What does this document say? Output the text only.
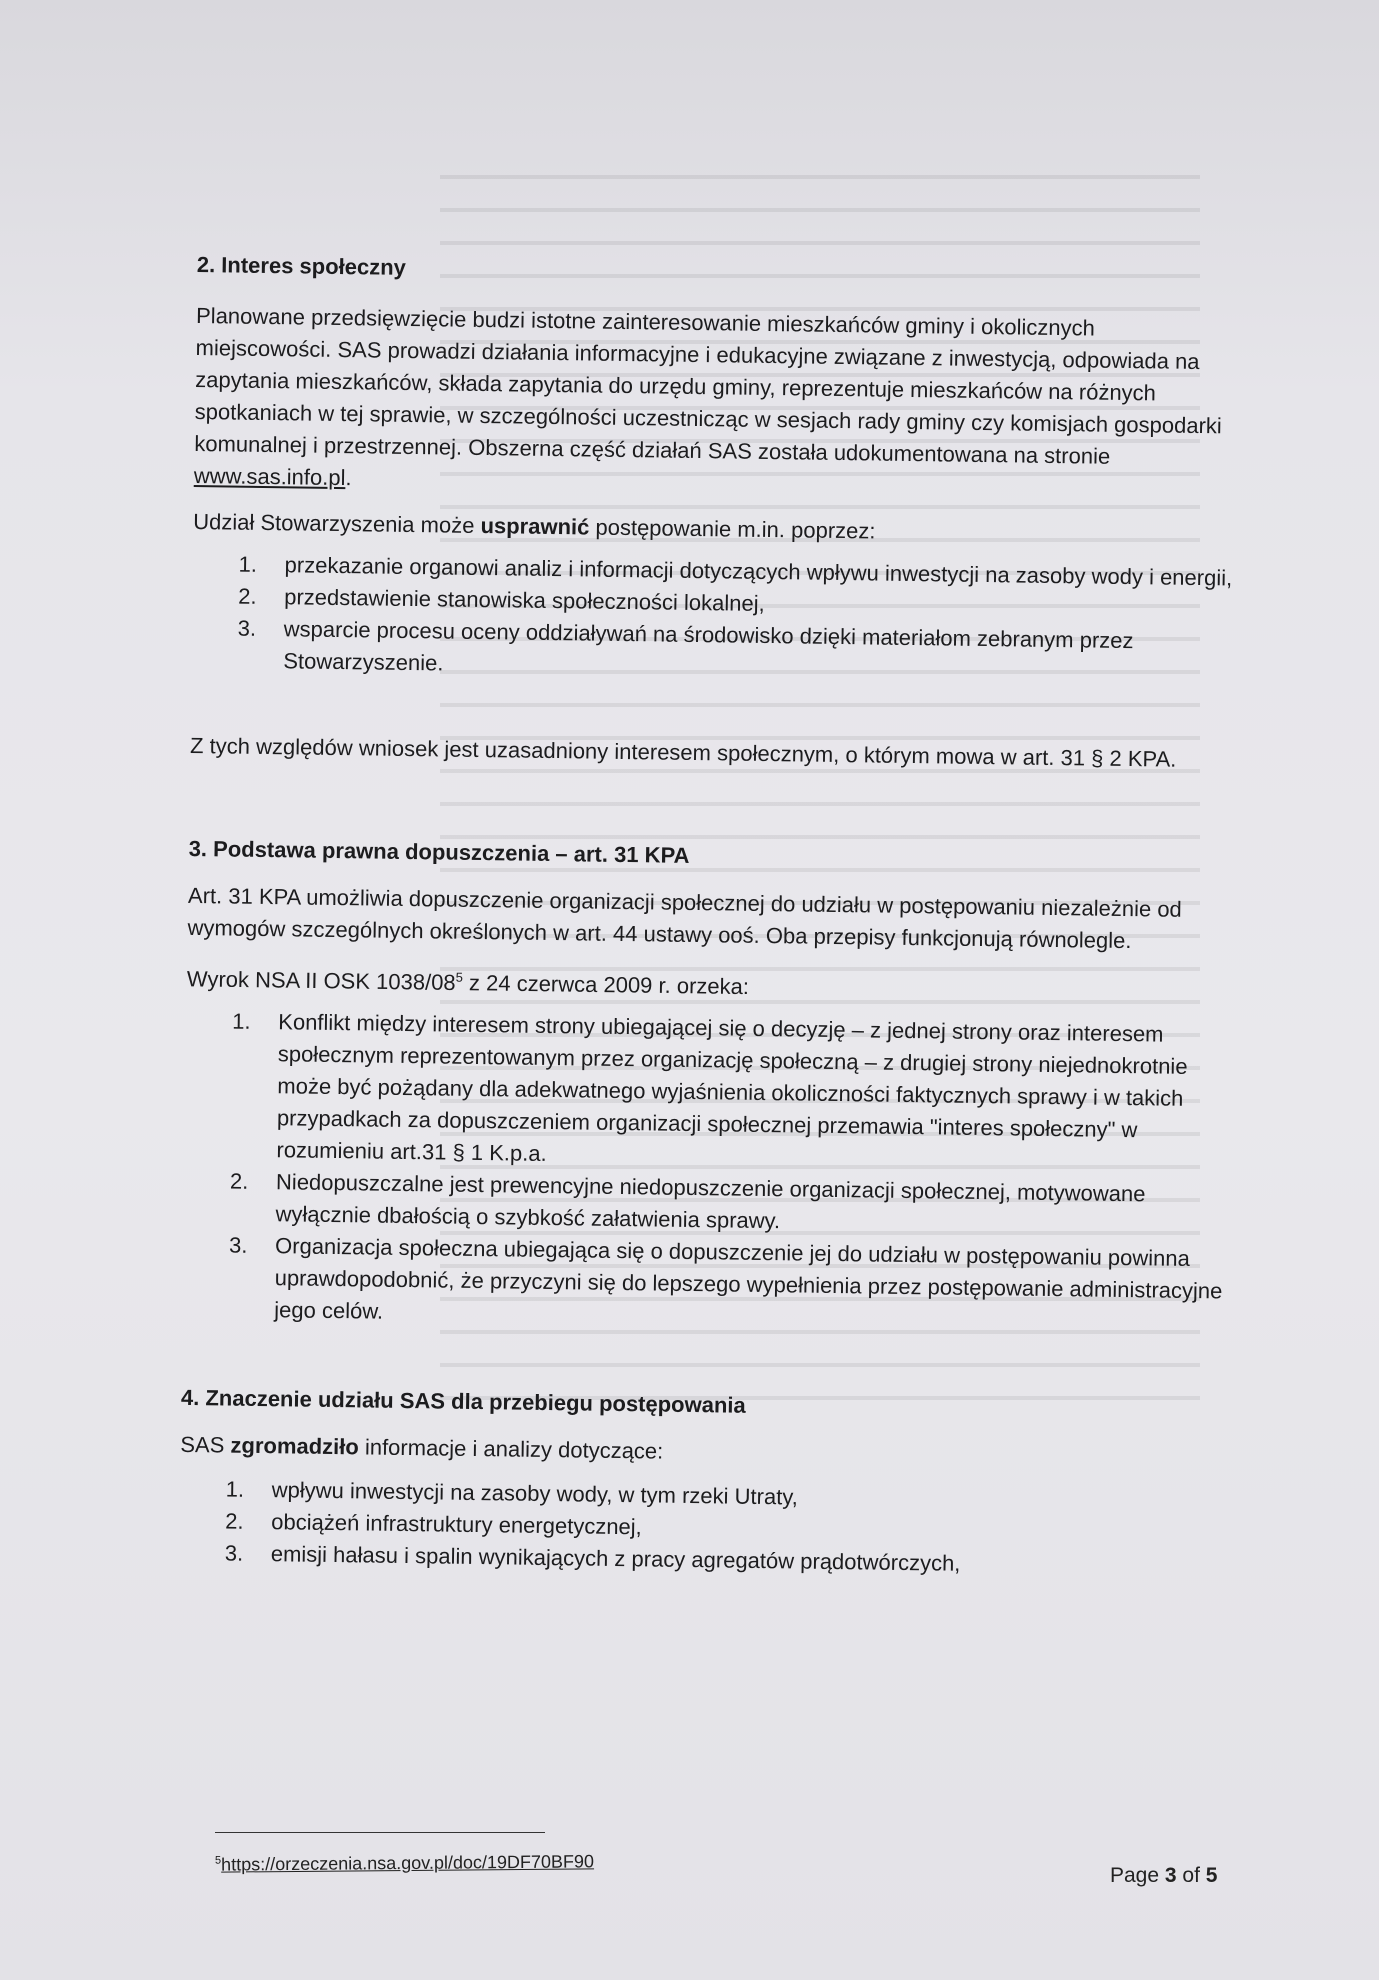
2. Interes społeczny

Planowane przedsięwzięcie budzi istotne zainteresowanie mieszkańców gminy i okolicznych miejscowości. SAS prowadzi działania informacyjne i edukacyjne związane z inwestycją, odpowiada na zapytania mieszkańców, składa zapytania do urzędu gminy, reprezentuje mieszkańców na różnych spotkaniach w tej sprawie, w szczególności uczestnicząc w sesjach rady gminy czy komisjach gospodarki komunalnej i przestrzennej. Obszerna część działań SAS została udokumentowana na stronie www.sas.info.pl.

Udział Stowarzyszenia może usprawnić postępowanie m.in. poprzez:

1.	przekazanie organowi analiz i informacji dotyczących wpływu inwestycji na zasoby wody i energii,
2.	przedstawienie stanowiska społeczności lokalnej,
3.	wsparcie procesu oceny oddziaływań na środowisko dzięki materiałom zebranym przez Stowarzyszenie.

Z tych względów wniosek jest uzasadniony interesem społecznym, o którym mowa w art. 31 § 2 KPA.

3. Podstawa prawna dopuszczenia – art. 31 KPA

Art. 31 KPA umożliwia dopuszczenie organizacji społecznej do udziału w postępowaniu niezależnie od wymogów szczególnych określonych w art. 44 ustawy ooś. Oba przepisy funkcjonują równolegle.

Wyrok NSA II OSK $1038/08^5$ z 24 czerwca 2009 r. orzeka:

1.	Konflikt między interesem strony ubiegającej się o decyzję – z jednej strony oraz interesem społecznym reprezentowanym przez organizację społeczną – z drugiej strony niejednokrotnie może być pożądany dla adekwatnego wyjaśnienia okoliczności faktycznych sprawy i w takich przypadkach za dopuszczeniem organizacji społecznej przemawia "interes społeczny" w rozumieniu art.31 § 1 K.p.a.
2.	Niedopuszczalne jest prewencyjne niedopuszczenie organizacji społecznej, motywowane wyłącznie dbałością o szybkość załatwienia sprawy.
3.	Organizacja społeczna ubiegająca się o dopuszczenie jej do udziału w postępowaniu powinna uprawdopodobnić, że przyczyni się do lepszego wypełnienia przez postępowanie administracyjne jego celów.
4. Znaczenie udziału SAS dla przebiegu postępowania

SAS zgromadziło informacje i analizy dotyczące:

1.	wpływu inwestycji na zasoby wody, w tym rzeki Utraty,
2.	obciążeń infrastruktury energetycznej,
3.	emisji hałasu i spalin wynikających z pracy agregatów prądotwórczych,
$^5$https://orzeczenia.nsa.gov.pl/doc/19DF70BF90
Page 3 of 5
